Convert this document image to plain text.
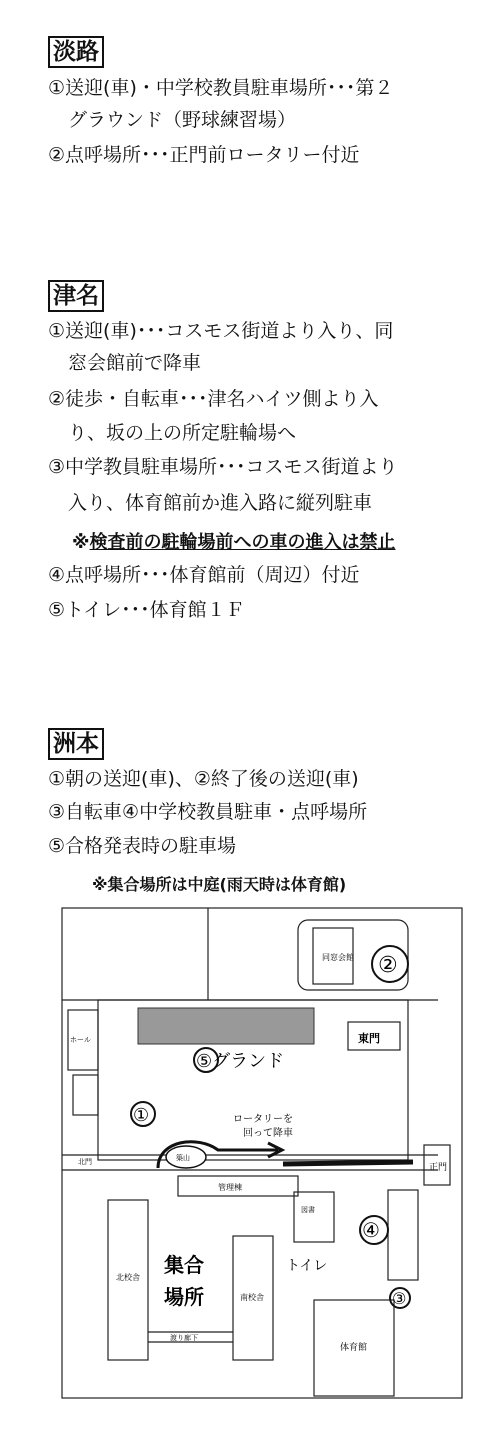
淡路
①送迎(車)・中学校教員駐車場所･･･第２
グラウンド（野球練習場）
②点呼場所･･･正門前ロータリー付近
津名
①送迎(車)･･･コスモス街道より入り、同
窓会館前で降車
②徒歩・自転車･･･津名ハイツ側より入
り、坂の上の所定駐輪場へ
③中学教員駐車場所･･･コスモス街道より
入り、体育館前か進入路に縦列駐車
※検査前の駐輪場前への車の進入は禁止
④点呼場所･･･体育館前（周辺）付近
⑤トイレ･･･体育館１Ｆ
洲本
①朝の送迎(車)、②終了後の送迎(車)
③自転車④中学校教員駐車・点呼場所
⑤合格発表時の駐車場
※集合場所は中庭(雨天時は体育館)
同窓会館
東門
正門
北門
管理棟
北校舎
南校舎
体育館
ホール
築山
渡り廊下
図書
②
⑤グランド
①	ロータリーを
回って降車
④
③
トイレ
集合
場所
